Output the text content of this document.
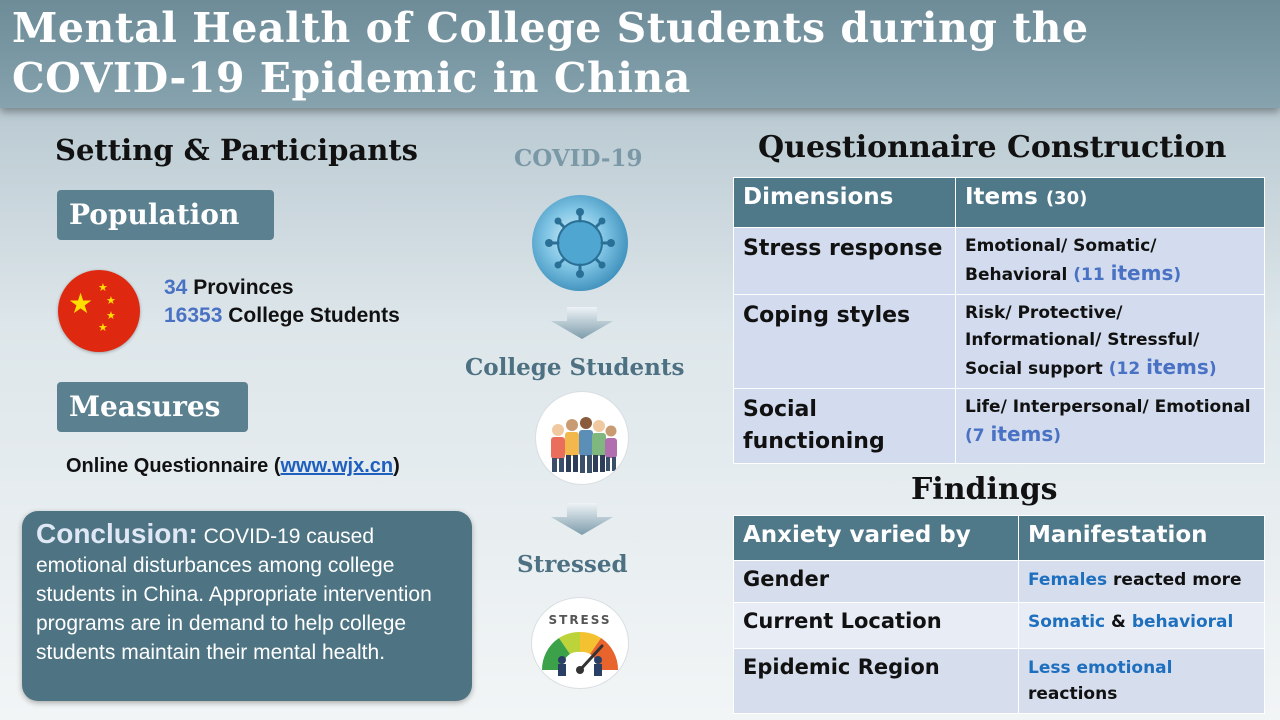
Mental Health of College Students during the
COVID-19 Epidemic in China
Setting & Participants
Population
★ ★
★
★
★
34 Provinces
16353 College Students
Measures
Online Questionnaire (www.wjx.cn)
Conclusion: COVID-19 caused emotional disturbances among college students in China. Appropriate intervention programs are in demand to help college students maintain their mental health.
COVID-19
College Students
Stressed
STRESS
Questionnaire Construction
Dimensions	Items (30)
Stress response	Emotional/ Somatic/ Behavioral (11 items)
Coping styles	Risk/ Protective/ Informational/ Stressful/ Social support (12 items)
Social functioning	Life/ Interpersonal/ Emotional (7 items)
Findings
Anxiety varied by	Manifestation
Gender	Females reacted more
Current Location	Somatic & behavioral
Epidemic Region	Less emotional
reactions
